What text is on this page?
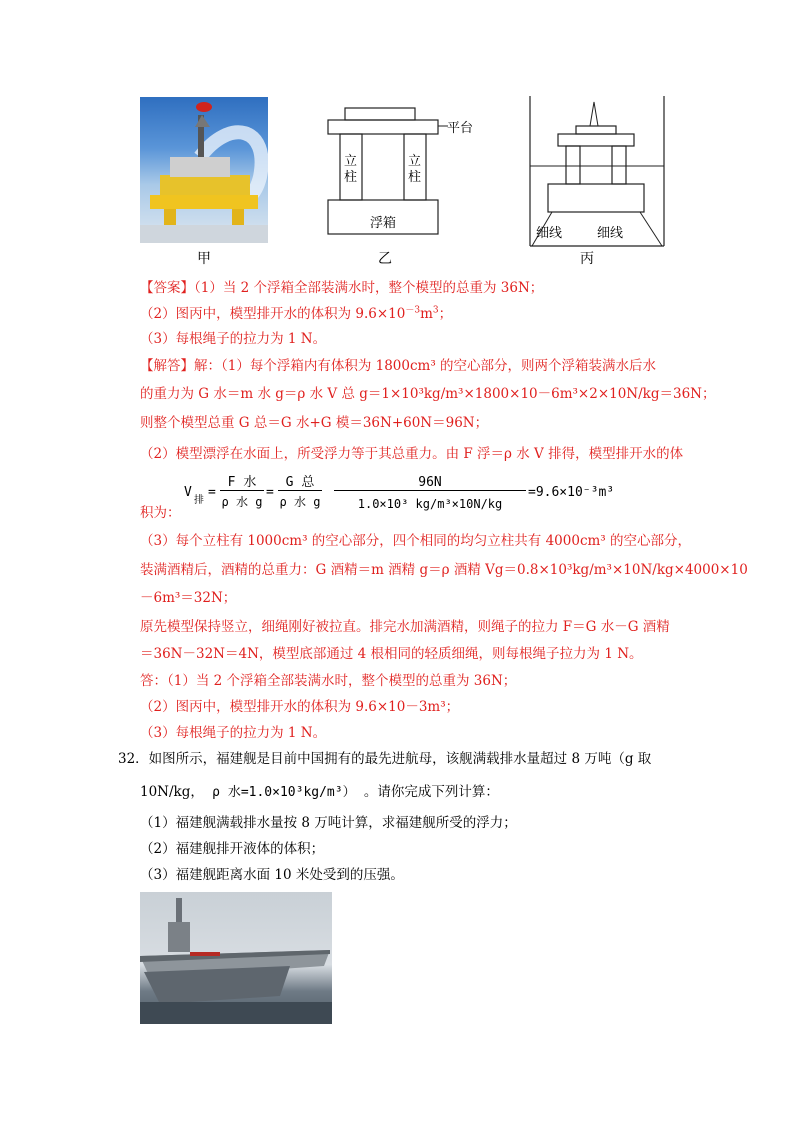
甲
平台
立柱
立柱
浮箱
乙
细线	细线
丙
【答案】（1）当 2 个浮箱全部装满水时，整个模型的总重为 36N；
（2）图丙中，模型排开水的体积为 $9.6\times 10^{-3}m^3$；
（3）每根绳子的拉力为 1 N。
【解答】解：（1）每个浮箱内有体积为 1800cm³ 的空心部分，则两个浮箱装满水后水
的重力为 G 水＝m 水 g＝ρ 水 V 总 g＝1×10³kg/m³×1800×10－6m³×2×10N/kg＝36N；
则整个模型总重 G 总＝G 水+G 模＝36N+60N＝96N；
（2）模型漂浮在水面上，所受浮力等于其总重力。由 F 浮＝ρ 水 V 排得，模型排开水的体
V
排
=
F 水
ρ 水 g
=
G 总
ρ 水 g
96N
1.0×10³ kg/m³×10N/kg
=9.6×10⁻³m³
积为：
（3）每个立柱有 1000cm³ 的空心部分，四个相同的均匀立柱共有 4000cm³ 的空心部分，
装满酒精后，酒精的总重力：G 酒精＝m 酒精 g＝ρ 酒精 Vg＝0.8×10³kg/m³×10N/kg×4000×10
－6m³＝32N；
原先模型保持竖立，细绳刚好被拉直。排完水加满酒精，则绳子的拉力 F＝G 水－G 酒精
＝36N－32N＝4N，模型底部通过 4 根相同的轻质细绳，则每根绳子拉力为 1 N。
答：（1）当 2 个浮箱全部装满水时，整个模型的总重为 36N；
（2）图丙中，模型排开水的体积为 9.6×10－3m³；
（3）每根绳子的拉力为 1 N。
32．如图所示，福建舰是目前中国拥有的最先进航母，该舰满载排水量超过 8 万吨（g 取
10N/kg， ρ 水=1.0×10³kg/m³） 。请你完成下列计算：
（1）福建舰满载排水量按 8 万吨计算，求福建舰所受的浮力；
（2）福建舰排开液体的体积；
（3）福建舰距离水面 10 米处受到的压强。
